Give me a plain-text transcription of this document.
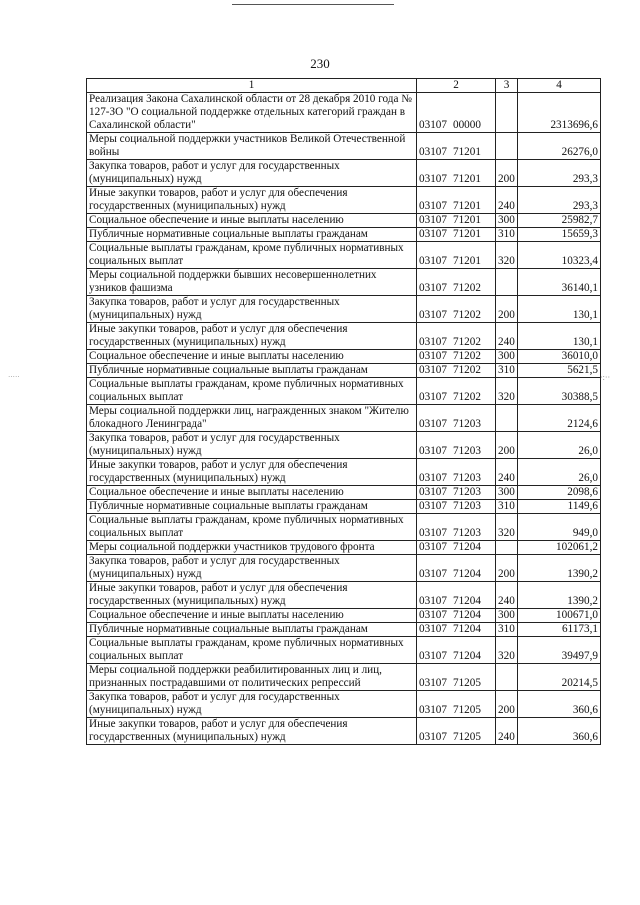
230
·····	·:··
1	2	3	4
Реализация Закона Сахалинской области от 28 декабря 2010 года № 127-ЗО "О социальной поддержке отдельных категорий граждан в Сахалинской области"	03107 00000		2313696,6
Меры социальной поддержки участников Великой Отечественной войны	03107 71201		26276,0
Закупка товаров, работ и услуг для государственных (муниципальных) нужд	03107 71201	200	293,3
Иные закупки товаров, работ и услуг для обеспечения государственных (муниципальных) нужд	03107 71201	240	293,3
Социальное обеспечение и иные выплаты населению	03107 71201	300	25982,7
Публичные нормативные социальные выплаты гражданам	03107 71201	310	15659,3
Социальные выплаты гражданам, кроме публичных нормативных социальных выплат	03107 71201	320	10323,4
Меры социальной поддержки бывших несовершеннолетних узников фашизма	03107 71202		36140,1
Закупка товаров, работ и услуг для государственных (муниципальных) нужд	03107 71202	200	130,1
Иные закупки товаров, работ и услуг для обеспечения государственных (муниципальных) нужд	03107 71202	240	130,1
Социальное обеспечение и иные выплаты населению	03107 71202	300	36010,0
Публичные нормативные социальные выплаты гражданам	03107 71202	310	5621,5
Социальные выплаты гражданам, кроме публичных нормативных социальных выплат	03107 71202	320	30388,5
Меры социальной поддержки лиц, награжденных знаком "Жителю блокадного Ленинграда"	03107 71203		2124,6
Закупка товаров, работ и услуг для государственных (муниципальных) нужд	03107 71203	200	26,0
Иные закупки товаров, работ и услуг для обеспечения государственных (муниципальных) нужд	03107 71203	240	26,0
Социальное обеспечение и иные выплаты населению	03107 71203	300	2098,6
Публичные нормативные социальные выплаты гражданам	03107 71203	310	1149,6
Социальные выплаты гражданам, кроме публичных нормативных социальных выплат	03107 71203	320	949,0
Меры социальной поддержки участников трудового фронта	03107 71204		102061,2
Закупка товаров, работ и услуг для государственных (муниципальных) нужд	03107 71204	200	1390,2
Иные закупки товаров, работ и услуг для обеспечения государственных (муниципальных) нужд	03107 71204	240	1390,2
Социальное обеспечение и иные выплаты населению	03107 71204	300	100671,0
Публичные нормативные социальные выплаты гражданам	03107 71204	310	61173,1
Социальные выплаты гражданам, кроме публичных нормативных социальных выплат	03107 71204	320	39497,9
Меры социальной поддержки реабилитированных лиц и лиц, признанных пострадавшими от политических репрессий	03107 71205		20214,5
Закупка товаров, работ и услуг для государственных (муниципальных) нужд	03107 71205	200	360,6
Иные закупки товаров, работ и услуг для обеспечения государственных (муниципальных) нужд	03107 71205	240	360,6
